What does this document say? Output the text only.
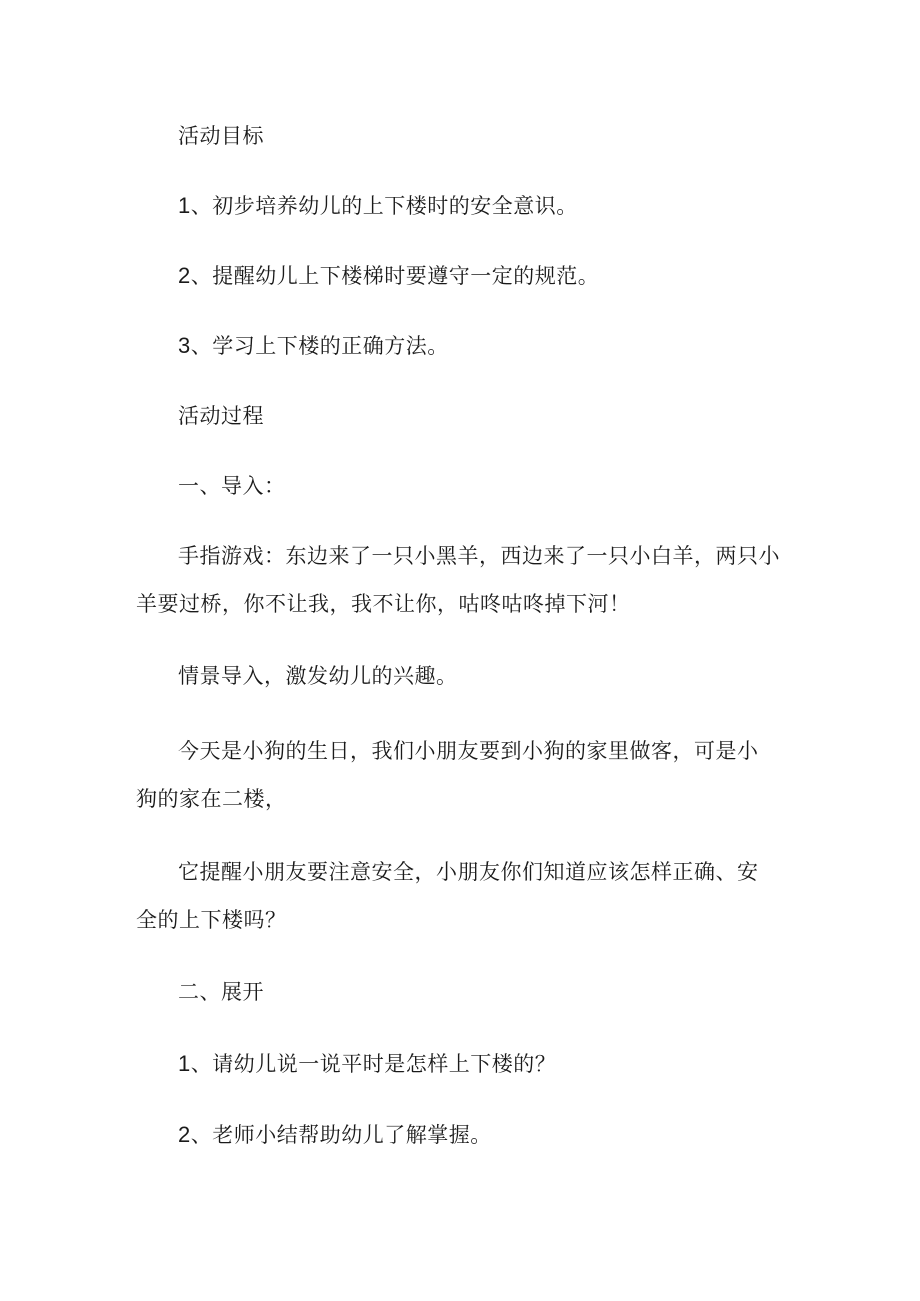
活动目标

1、初步培养幼儿的上下楼时的安全意识。

2、提醒幼儿上下楼梯时要遵守一定的规范。

3、学习上下楼的正确方法。

活动过程

一、导入：

手指游戏：东边来了一只小黑羊，西边来了一只小白羊，两只小
羊要过桥，你不让我，我不让你，咕咚咕咚掉下河！

情景导入，激发幼儿的兴趣。

今天是小狗的生日，我们小朋友要到小狗的家里做客，可是小
狗的家在二楼，

它提醒小朋友要注意安全，小朋友你们知道应该怎样正确、安
全的上下楼吗？

二、展开

1、请幼儿说一说平时是怎样上下楼的？

2、老师小结帮助幼儿了解掌握。
